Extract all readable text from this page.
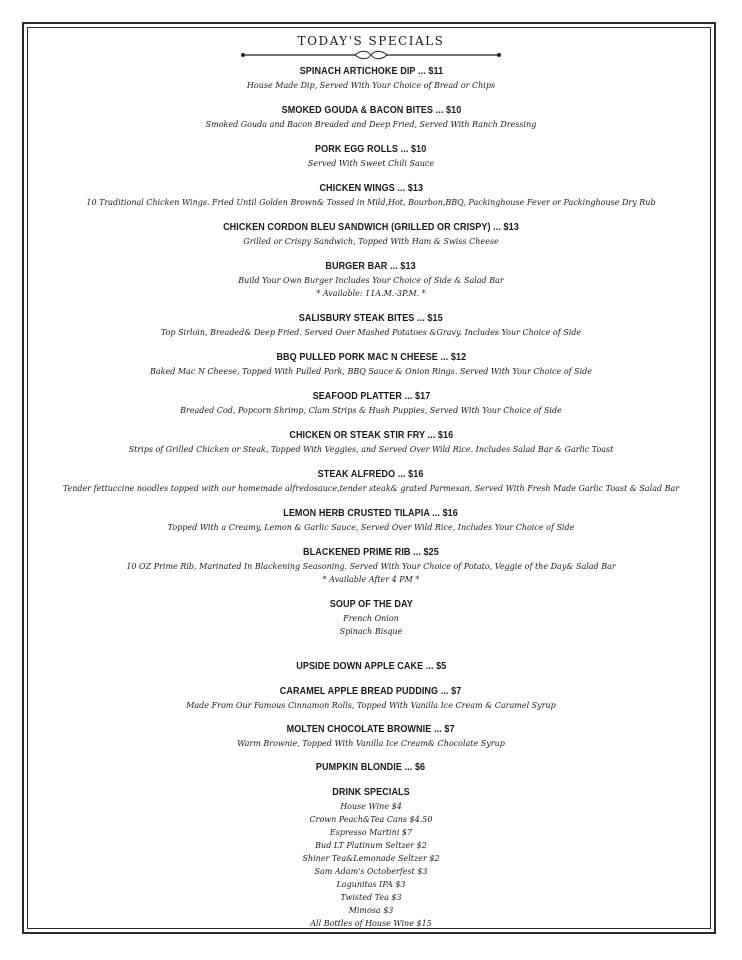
TODAY'S SPECIALS
SPINACH ARTICHOKE DIP ... $11
House Made Dip, Served With Your Choice of Bread or Chips
SMOKED GOUDA & BACON BITES ... $10
Smoked Gouda and Bacon Breaded and Deep Fried, Served With Ranch Dressing
PORK EGG ROLLS ... $10
Served With Sweet Chili Sauce
CHICKEN WINGS ... $13
10 Traditional Chicken Wings. Fried Until Golden Brown& Tossed in Mild,Hot, Bourbon,BBQ, Packinghouse Fever or Packinghouse Dry Rub
CHICKEN CORDON BLEU SANDWICH (GRILLED OR CRISPY) ... $13
Grilled or Crispy Sandwich, Topped With Ham & Swiss Cheese
BURGER BAR ... $13
Build Your Own Burger Includes Your Choice of Side & Salad Bar
* Available: 11A.M.-3P.M. *
SALISBURY STEAK BITES ... $15
Top Sirloin, Breaded& Deep Fried. Served Over Mashed Potatoes &Gravy. Includes Your Choice of Side
BBQ PULLED PORK MAC N CHEESE ... $12
Baked Mac N Cheese, Topped With Pulled Pork, BBQ Sauce & Onion Rings. Served With Your Choice of Side
SEAFOOD PLATTER ... $17
Breaded Cod, Popcorn Shrimp, Clam Strips & Hush Puppies, Served With Your Choice of Side
CHICKEN OR STEAK STIR FRY ... $16
Strips of Grilled Chicken or Steak, Topped With Veggies, and Served Over Wild Rice. Includes Salad Bar & Garlic Toast
STEAK ALFREDO ... $16
Tender fettuccine noodles topped with our homemade alfredosauce,tender steak& grated Parmesan, Served With Fresh Made Garlic Toast & Salad Bar
LEMON HERB CRUSTED TILAPIA ... $16
Topped With a Creamy, Lemon & Garlic Sauce, Served Over Wild Rice, Includes Your Choice of Side
BLACKENED PRIME RIB ... $25
10 OZ Prime Rib, Marinated In Blackening Seasoning. Served With Your Choice of Potato, Veggie of the Day& Salad Bar
* Available After 4 PM *
SOUP OF THE DAY
French Onion
Spinach Bisque
UPSIDE DOWN APPLE CAKE ... $5
CARAMEL APPLE BREAD PUDDING ... $7
Made From Our Famous Cinnamon Rolls, Topped With Vanilla Ice Cream & Caramel Syrup
MOLTEN CHOCOLATE BROWNIE ... $7
Warm Brownie, Topped With Vanilla Ice Cream& Chocolate Syrup
PUMPKIN BLONDIE ... $6
DRINK SPECIALS
House Wine $4
Crown Peach&Tea Cans $4.50
Espresso Martini $7
Bud LT Platinum Seltzer $2
Shiner Tea&Lemonade Seltzer $2
Sam Adam's Octoberfest $3
Lagunitas IPA $3
Twisted Tea $3
Mimosa $3
All Bottles of House Wine $15
